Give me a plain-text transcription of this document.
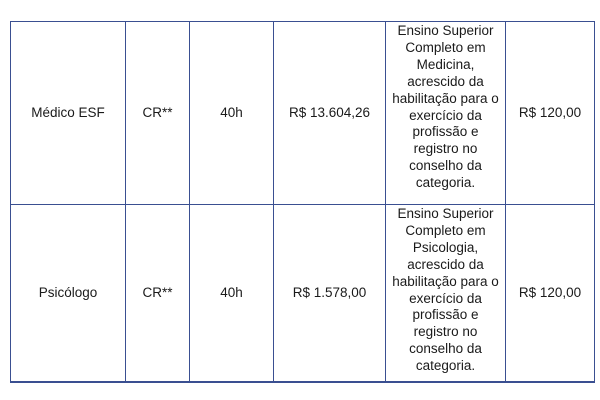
Médico ESF	CR**	40h	R$ 13.604,26	Ensino Superior Completo em Medicina, acrescido da habilitação para o exercício da profissão e registro no conselho da categoria.	R$ 120,00
Psicólogo	CR**	40h	R$ 1.578,00	Ensino Superior Completo em Psicologia, acrescido da habilitação para o exercício da profissão e registro no conselho da categoria.	R$ 120,00
